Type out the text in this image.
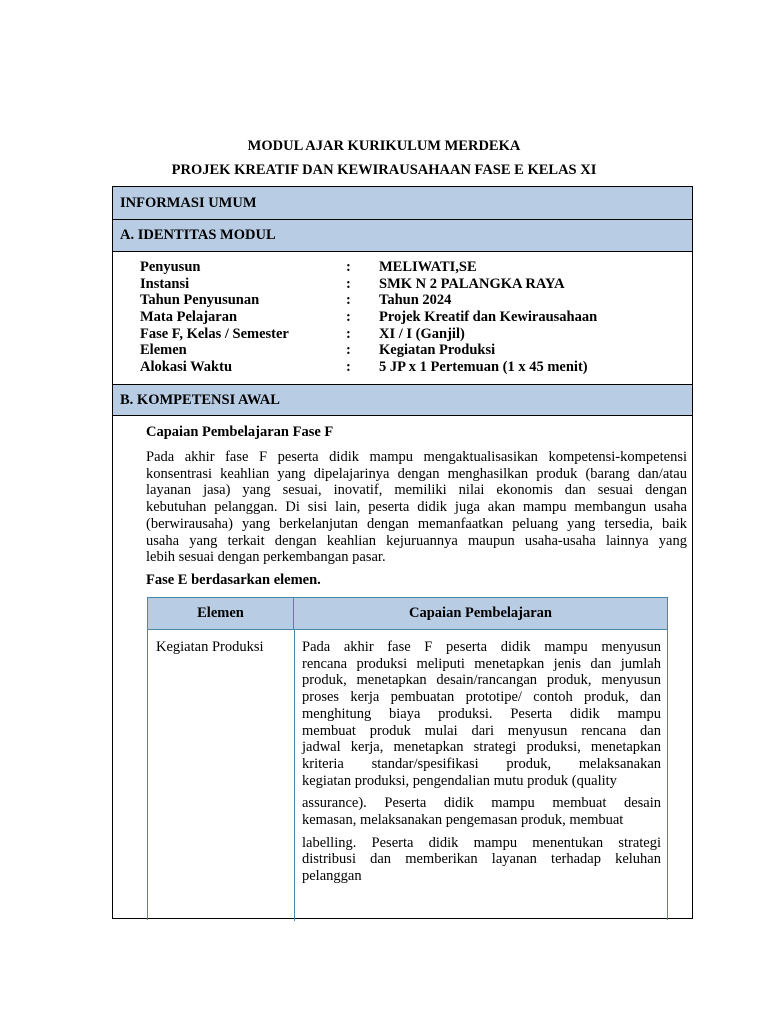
MODUL AJAR KURIKULUM MERDEKA
PROJEK KREATIF DAN KEWIRAUSAHAAN FASE E KELAS XI
INFORMASI UMUM
A. IDENTITAS MODUL
Penyusun	: MELIWATI,SE
Instansi	: SMK N 2 PALANGKA RAYA
Tahun Penyusunan	: Tahun 2024
Mata Pelajaran	: Projek Kreatif dan Kewirausahaan
Fase F, Kelas / Semester	: XI / I (Ganjil)
Elemen	: Kegiatan Produksi
Alokasi Waktu	: 5 JP x 1 Pertemuan (1 x 45 menit)
B. KOMPETENSI AWAL
Capaian Pembelajaran Fase F
Pada akhir fase F peserta didik mampu mengaktualisasikan kompetensi-kompetensi
konsentrasi keahlian yang dipelajarinya dengan menghasilkan produk (barang dan/atau
layanan jasa) yang sesuai, inovatif, memiliki nilai ekonomis dan sesuai dengan
kebutuhan pelanggan. Di sisi lain, peserta didik juga akan mampu membangun usaha
(berwirausaha) yang berkelanjutan dengan memanfaatkan peluang yang tersedia, baik
usaha yang terkait dengan keahlian kejuruannya maupun usaha-usaha lainnya yang
lebih sesuai dengan perkembangan pasar.
Fase E berdasarkan elemen.
Elemen	Capaian Pembelajaran
Kegiatan Produksi	Pada akhir fase F peserta didik mampu menyusun
rencana produksi meliputi menetapkan jenis dan jumlah
produk, menetapkan desain/rancangan produk, menyusun
proses kerja pembuatan prototipe/ contoh produk, dan
menghitung biaya produksi. Peserta didik mampu
membuat produk mulai dari menyusun rencana dan
jadwal kerja, menetapkan strategi produksi, menetapkan
kriteria standar/spesifikasi produk, melaksanakan
kegiatan produksi, pengendalian mutu produk (quality
assurance). Peserta didik mampu membuat desain
kemasan, melaksanakan pengemasan produk, membuat
labelling. Peserta didik mampu menentukan strategi
distribusi dan memberikan layanan terhadap keluhan
pelanggan
